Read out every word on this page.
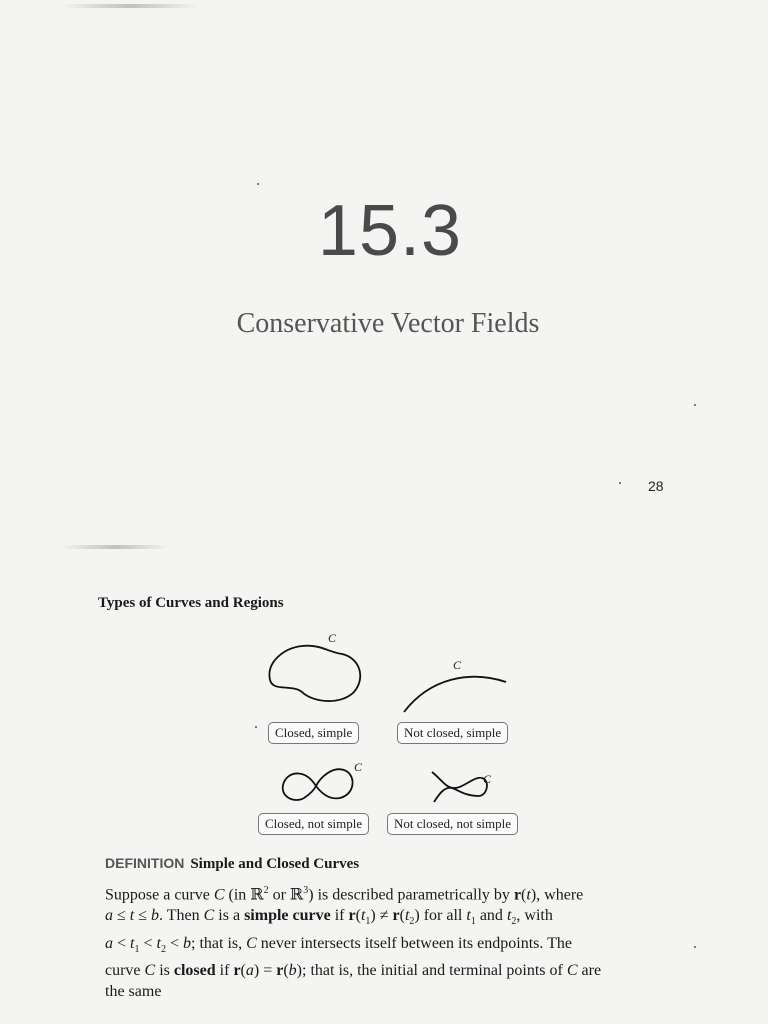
15.3
Conservative Vector Fields
28
Types of Curves and Regions
C
Closed, simple
C
Not closed, simple
C
Closed, not simple
C
Not closed, not simple
DEFINITION Simple and Closed Curves
Suppose a curve C (in ℝ$^2$ or ℝ$^3$) is described parametrically by r(t), where
a ≤ t ≤ b. Then C is a simple curve if $r(t_1) \ne r(t_2)$ for all $t_1$ and $t_2$, with
$a < t_1 < t_2 < b$; that is, C never intersects itself between its endpoints. The
curve C is closed if r(a) = r(b); that is, the initial and terminal points of C are
the same
